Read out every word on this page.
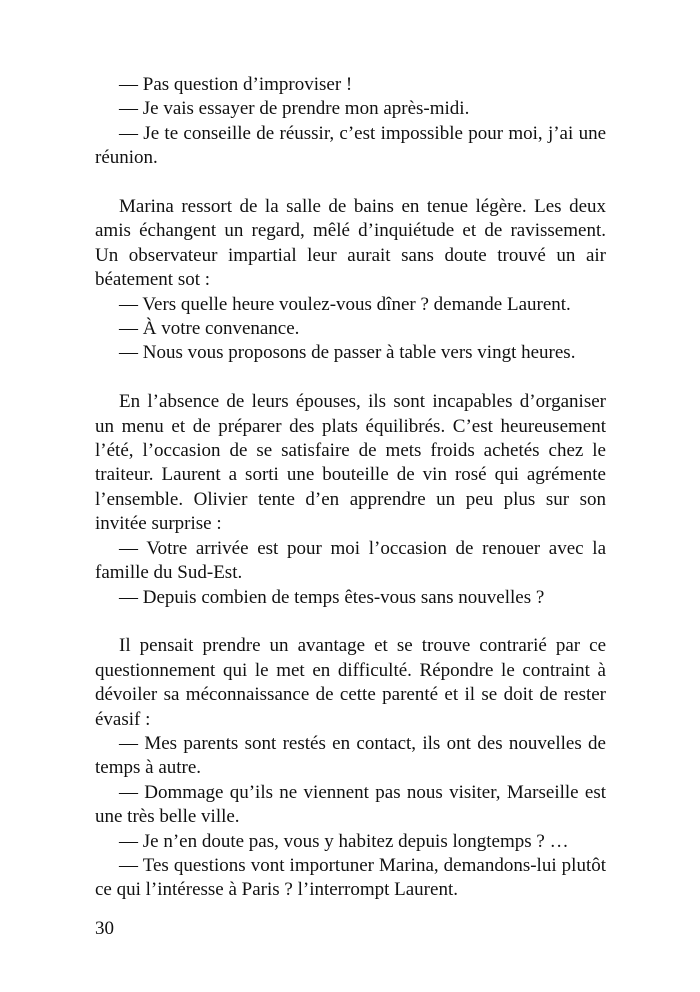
— Pas question d’improviser !

— Je vais essayer de prendre mon après-midi.

— Je te conseille de réussir, c’est impossible pour moi, j’ai une réunion.

Marina ressort de la salle de bains en tenue légère. Les deux amis échangent un regard, mêlé d’inquiétude et de ravissement. Un observateur impartial leur aurait sans doute trouvé un air béatement sot :

— Vers quelle heure voulez-vous dîner ? demande Laurent.

— À votre convenance.

— Nous vous proposons de passer à table vers vingt heures.

En l’absence de leurs épouses, ils sont incapables d’organiser un menu et de préparer des plats équilibrés. C’est heureusement l’été, l’occasion de se satisfaire de mets froids achetés chez le traiteur. Laurent a sorti une bouteille de vin rosé qui agrémente l’ensemble. Olivier tente d’en apprendre un peu plus sur son invitée surprise :

— Votre arrivée est pour moi l’occasion de renouer avec la famille du Sud-Est.

— Depuis combien de temps êtes-vous sans nouvelles ?

Il pensait prendre un avantage et se trouve contrarié par ce questionnement qui le met en difficulté. Répondre le contraint à dévoiler sa méconnaissance de cette parenté et il se doit de rester évasif :

— Mes parents sont restés en contact, ils ont des nouvelles de temps à autre.

— Dommage qu’ils ne viennent pas nous visiter, Marseille est une très belle ville.

— Je n’en doute pas, vous y habitez depuis longtemps ? …

— Tes questions vont importuner Marina, demandons-lui plutôt ce qui l’intéresse à Paris ? l’interrompt Laurent.

30
